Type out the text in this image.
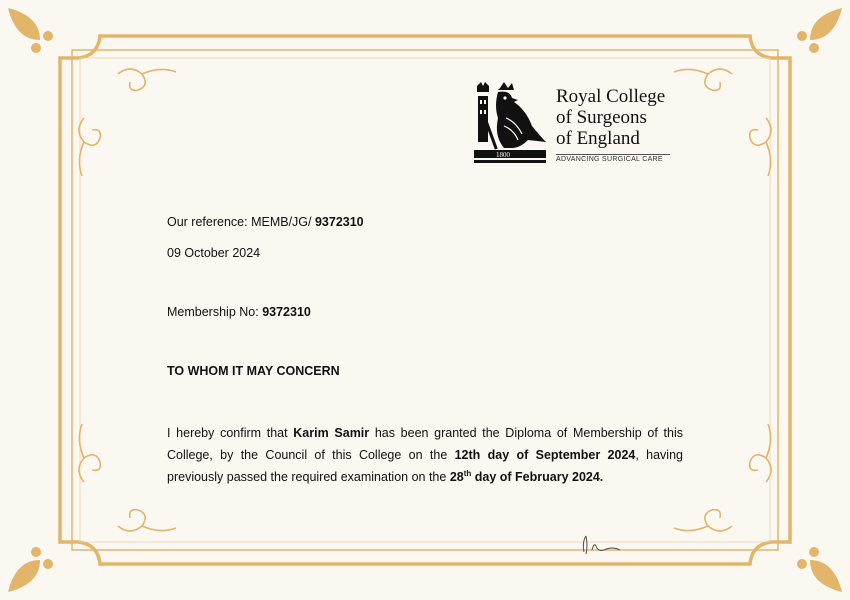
1800
Royal College
of Surgeons
of England
ADVANCING SURGICAL CARE
Our reference: MEMB/JG/ 9372310
09 October 2024
Membership No: 9372310
TO WHOM IT MAY CONCERN
I hereby confirm that Karim Samir has been granted the Diploma of Membership of this College, by the Council of this College on the 12th day of September 2024, having previously passed the required examination on the 28th day of February 2024.
